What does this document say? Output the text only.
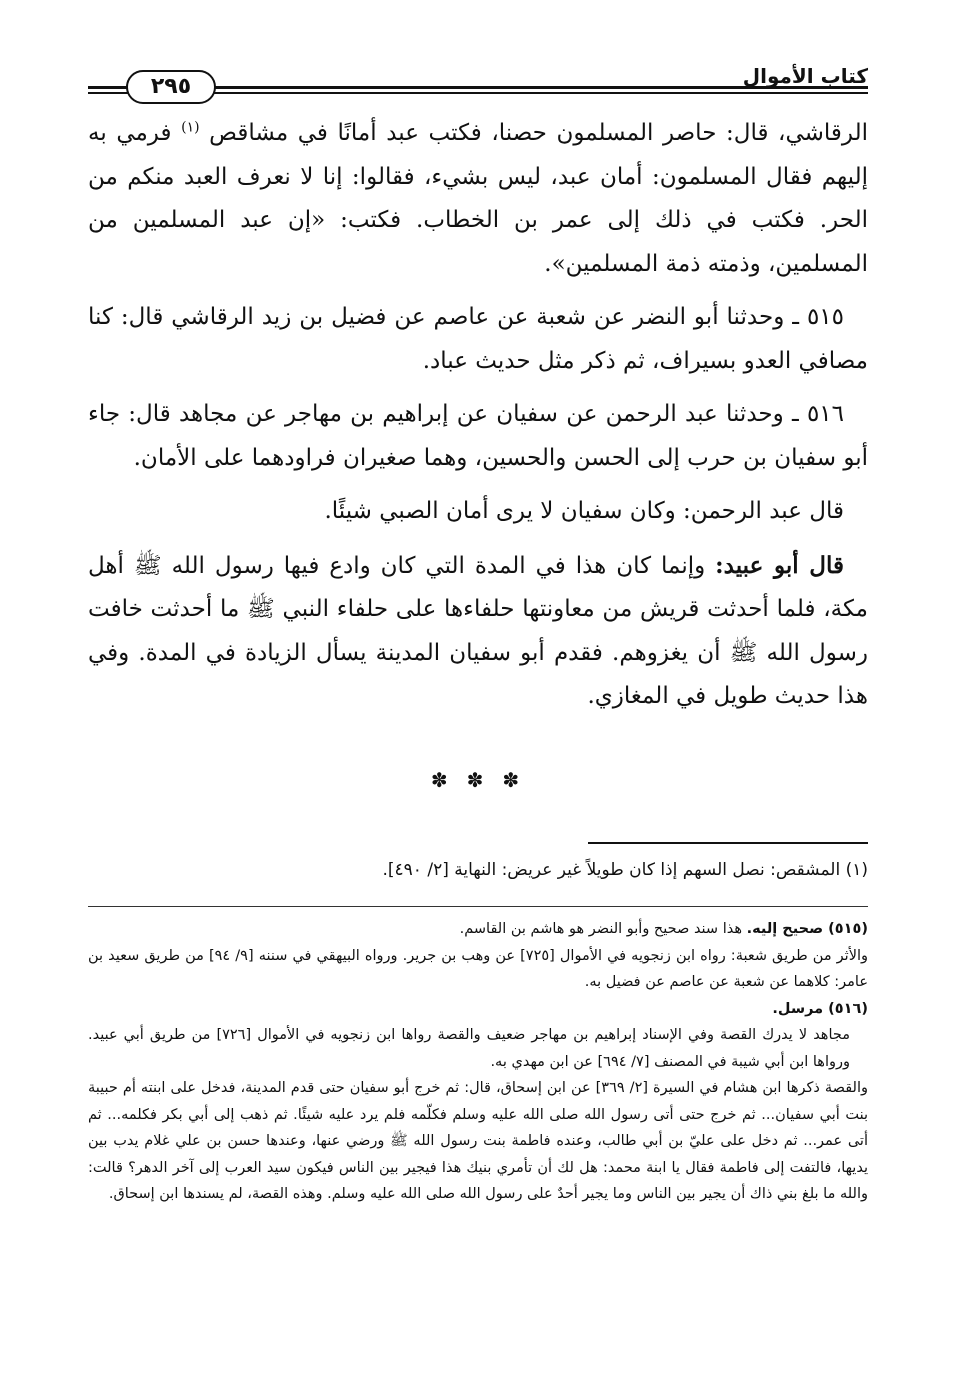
كتاب الأموال
٢٩٥

الرقاشي، قال: حاصر المسلمون حصنا، فكتب عبد أمانًا في مشاقص $^{(١)}$ فرمي به إليهم فقال المسلمون: أمان عبد، ليس بشيء، فقالوا: إنا لا نعرف العبد منكم من الحر. فكتب في ذلك إلى عمر بن الخطاب. فكتب: «إن عبد المسلمين من المسلمين، وذمته ذمة المسلمين».

٥١٥ ـ وحدثنا أبو النضر عن شعبة عن عاصم عن فضيل بن زيد الرقاشي قال: كنا مصافي العدو بسيراف، ثم ذكر مثل حديث عباد.

٥١٦ ـ وحدثنا عبد الرحمن عن سفيان عن إبراهيم بن مهاجر عن مجاهد قال: جاء أبو سفيان بن حرب إلى الحسن والحسين، وهما صغيران فراودهما على الأمان.

قال عبد الرحمن: وكان سفيان لا يرى أمان الصبي شيئًا.

قال أبو عبيد: وإنما كان هذا في المدة التي كان وادع فيها رسول الله ﷺ أهل مكة، فلما أحدثت قريش من معاونتها حلفاءها على حلفاء النبي ﷺ ما أحدثت خافت رسول الله ﷺ أن يغزوهم. فقدم أبو سفيان المدينة يسأل الزيادة في المدة. وفي هذا حديث طويل في المغازي.

✽ ✽ ✽
(١) المشقص: نصل السهم إذا كان طويلاً غير عريض: النهاية [٢/ ٤٩٠].

(٥١٥) صحيح إليه. هذا سند صحيح وأبو النضر هو هاشم بن القاسم.

والأثر من طريق شعبة: رواه ابن زنجويه في الأموال [٧٢٥] عن وهب بن جرير. ورواه البيهقي في سننه [٩/ ٩٤] من طريق سعيد بن عامر: كلاهما عن شعبة عن عاصم عن فضيل به.

(٥١٦) مرسل.

مجاهد لا يدرك القصة وفي الإسناد إبراهيم بن مهاجر ضعيف والقصة رواها ابن زنجويه في الأموال [٧٢٦] من طريق أبي عبيد. ورواها ابن أبي شيبة في المصنف [٧/ ٦٩٤] عن ابن مهدي به.

والقصة ذكرها ابن هشام في السيرة [٢/ ٣٦٩] عن ابن إسحاق، قال: ثم خرج أبو سفيان حتى قدم المدينة، فدخل على ابنته أم حبيبة بنت أبي سفيان... ثم خرج حتى أتى رسول الله صلى الله عليه وسلم فكلّمه فلم يرد عليه شيئًا. ثم ذهب إلى أبي بكر فكلمه... ثم أتى عمر... ثم دخل على عليّ بن أبي طالب، وعنده فاطمة بنت رسول الله ﷺ ورضي عنها، وعندها حسن بن علي غلام يدب بين يديها، فالتفت إلى فاطمة فقال يا ابنة محمد: هل لك أن تأمري بنيك هذا فيجير بين الناس فيكون سيد العرب إلى آخر الدهر؟ قالت: والله ما بلغ بني ذاك أن يجير بين الناس وما يجير أحدٌ على رسول الله صلى الله عليه وسلم. وهذه القصة، لم يسندها ابن إسحاق.
